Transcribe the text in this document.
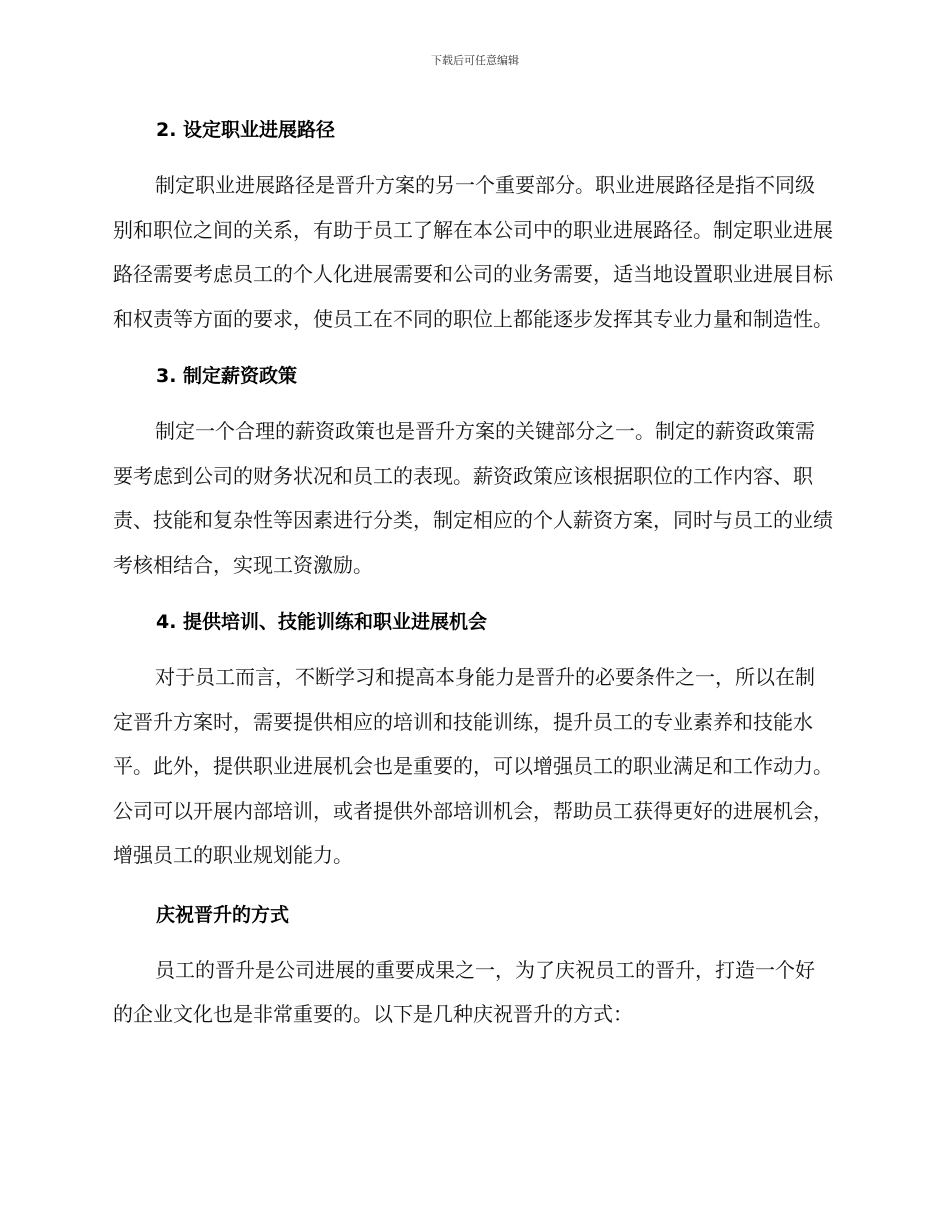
下载后可任意编辑
2. 设定职业进展路径

制定职业进展路径是晋升方案的另一个重要部分。职业进展路径是指不同级别和职位之间的关系，有助于员工了解在本公司中的职业进展路径。制定职业进展路径需要考虑员工的个人化进展需要和公司的业务需要，适当地设置职业进展目标和权责等方面的要求，使员工在不同的职位上都能逐步发挥其专业力量和制造性。

3. 制定薪资政策

制定一个合理的薪资政策也是晋升方案的关键部分之一。制定的薪资政策需要考虑到公司的财务状况和员工的表现。薪资政策应该根据职位的工作内容、职责、技能和复杂性等因素进行分类，制定相应的个人薪资方案，同时与员工的业绩考核相结合，实现工资激励。

4. 提供培训、技能训练和职业进展机会

对于员工而言，不断学习和提高本身能力是晋升的必要条件之一，所以在制定晋升方案时，需要提供相应的培训和技能训练，提升员工的专业素养和技能水平。此外，提供职业进展机会也是重要的，可以增强员工的职业满足和工作动力。公司可以开展内部培训，或者提供外部培训机会，帮助员工获得更好的进展机会，增强员工的职业规划能力。

庆祝晋升的方式

员工的晋升是公司进展的重要成果之一，为了庆祝员工的晋升，打造一个好的企业文化也是非常重要的。以下是几种庆祝晋升的方式：
